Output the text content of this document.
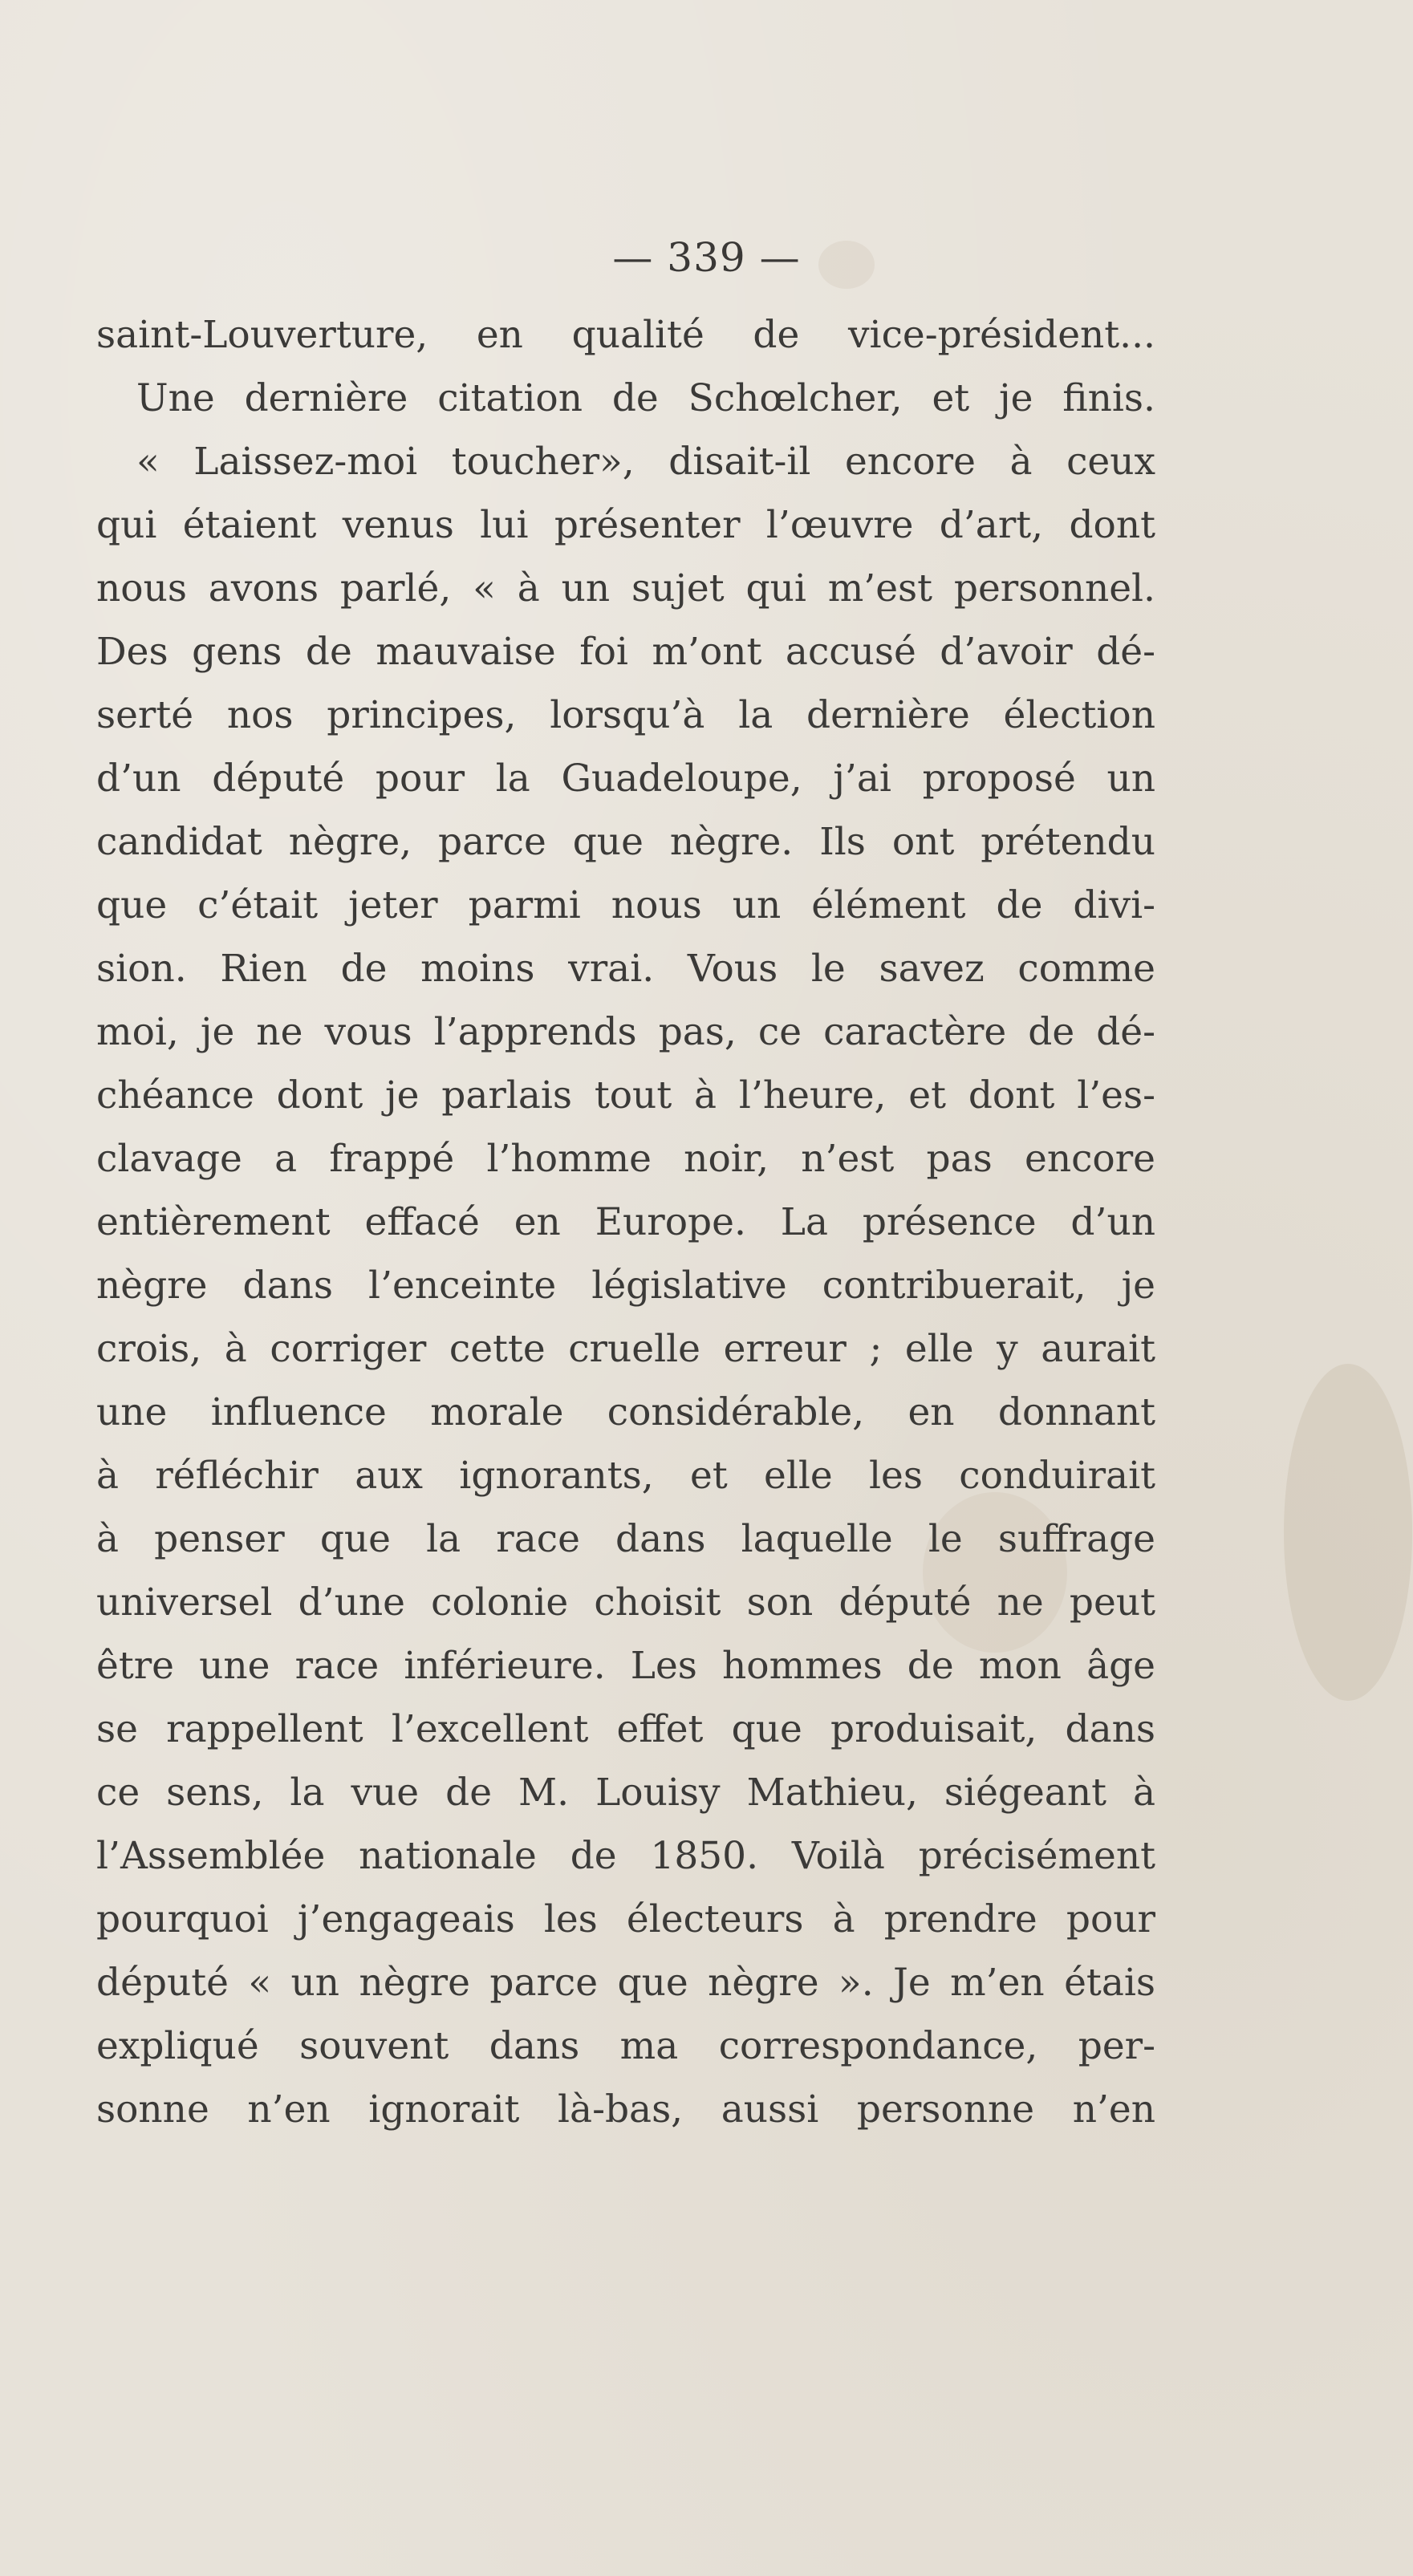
— 339 —
saint-Louverture, en qualité de vice-président...
Une dernière citation de Schœlcher, et je finis.
« Laissez-moi toucher», disait-il encore à ceux
qui étaient venus lui présenter l’œuvre d’art, dont
nous avons parlé, « à un sujet qui m’est personnel.
Des gens de mauvaise foi m’ont accusé d’avoir dé-
serté nos principes, lorsqu’à la dernière élection
d’un député pour la Guadeloupe, j’ai proposé un
candidat nègre, parce que nègre. Ils ont prétendu
que c’était jeter parmi nous un élément de divi-
sion. Rien de moins vrai. Vous le savez comme
moi, je ne vous l’apprends pas, ce caractère de dé-
chéance dont je parlais tout à l’heure, et dont l’es-
clavage a frappé l’homme noir, n’est pas encore
entièrement effacé en Europe. La présence d’un
nègre dans l’enceinte législative contribuerait, je
crois, à corriger cette cruelle erreur ; elle y aurait
une influence morale considérable, en donnant
à réfléchir aux ignorants, et elle les conduirait
à penser que la race dans laquelle le suffrage
universel d’une colonie choisit son député ne peut
être une race inférieure. Les hommes de mon âge
se rappellent l’excellent effet que produisait, dans
ce sens, la vue de M. Louisy Mathieu, siégeant à
l’Assemblée nationale de 1850. Voilà précisément
pourquoi j’engageais les électeurs à prendre pour
député « un nègre parce que nègre ». Je m’en étais
expliqué souvent dans ma correspondance, per-
sonne n’en ignorait là-bas, aussi personne n’en
